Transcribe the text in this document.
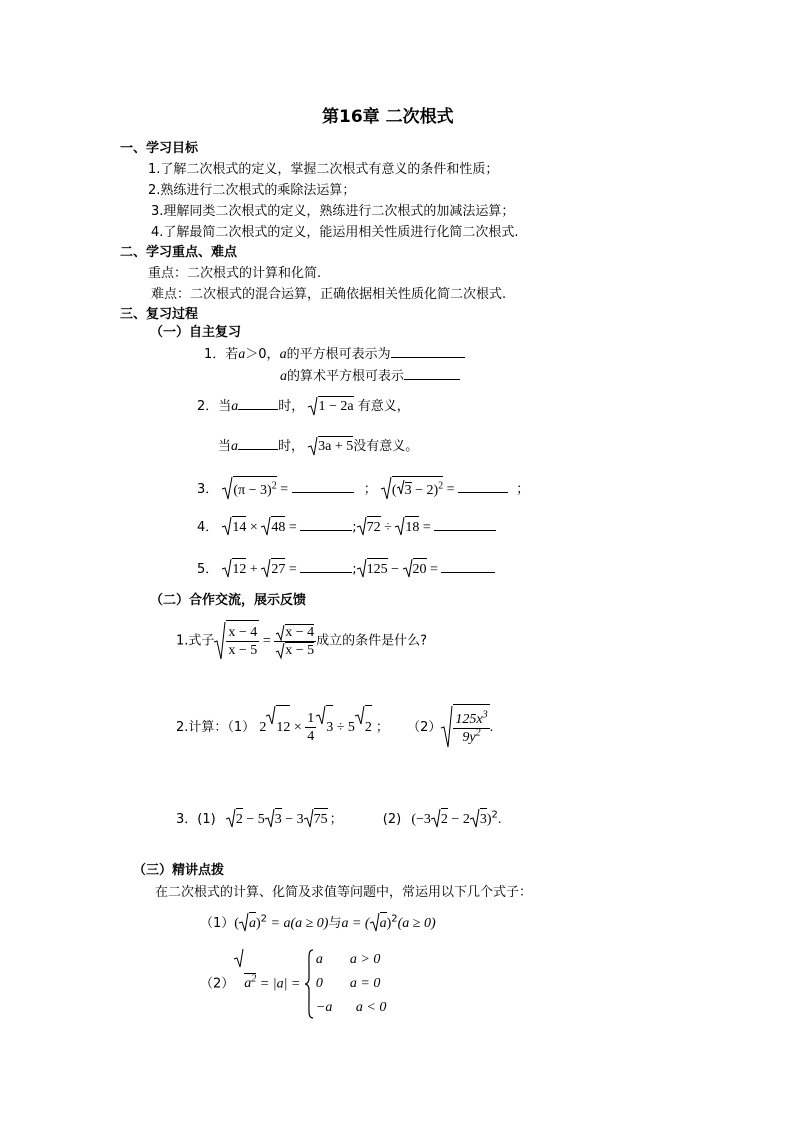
第16章 二次根式
一、学习目标
1.了解二次根式的定义，掌握二次根式有意义的条件和性质；
2.熟练进行二次根式的乘除法运算；
3.理解同类二次根式的定义，熟练进行二次根式的加减法运算；
4.了解最简二次根式的定义，能运用相关性质进行化简二次根式.
二、学习重点、难点
重点：二次根式的计算和化简.
难点：二次根式的混合运算，正确依据相关性质化简二次根式.
三、复习过程
（一）自主复习
1．若a＞0，a的平方根可表示为
a的算术平方根可表示
2．当a	时， 1 − 2a 有意义，
当a	时， 3a + 5没有意义。
3． $(\pi - 3)^2$ =	； ( 3 − 2)$^2$ =	；
4． 14 ×
48 =	; 72 ÷
18 =
5． 12 +
27 =	; 125 −
20 =
（二）合作交流，展示反馈
1.式子 $\frac{x - 4}{x - 5} = \frac{x - 4}{x - 5}$ 成立的条件是什么?
2.计算：（1） 2 $12 \times \frac{1}{4} 3 \div 5$ 2 ； $(2) \frac{125x^3}{9y^2}$ .
3．(1) 2 − 5 3 − 3 75 ；	(2) (−3 2 − 2 3)$^2$.
（三）精讲点拨
在二次根式的计算、化简及求值等问题中，常运用以下几个式子：
（1）( a)$^2$ = a(a ≥ 0)与a = ( a)$^2$(a ≥ 0)
（2） $a^2 = |a|$ =
a a > 0
0 a = 0
−a a < 0
